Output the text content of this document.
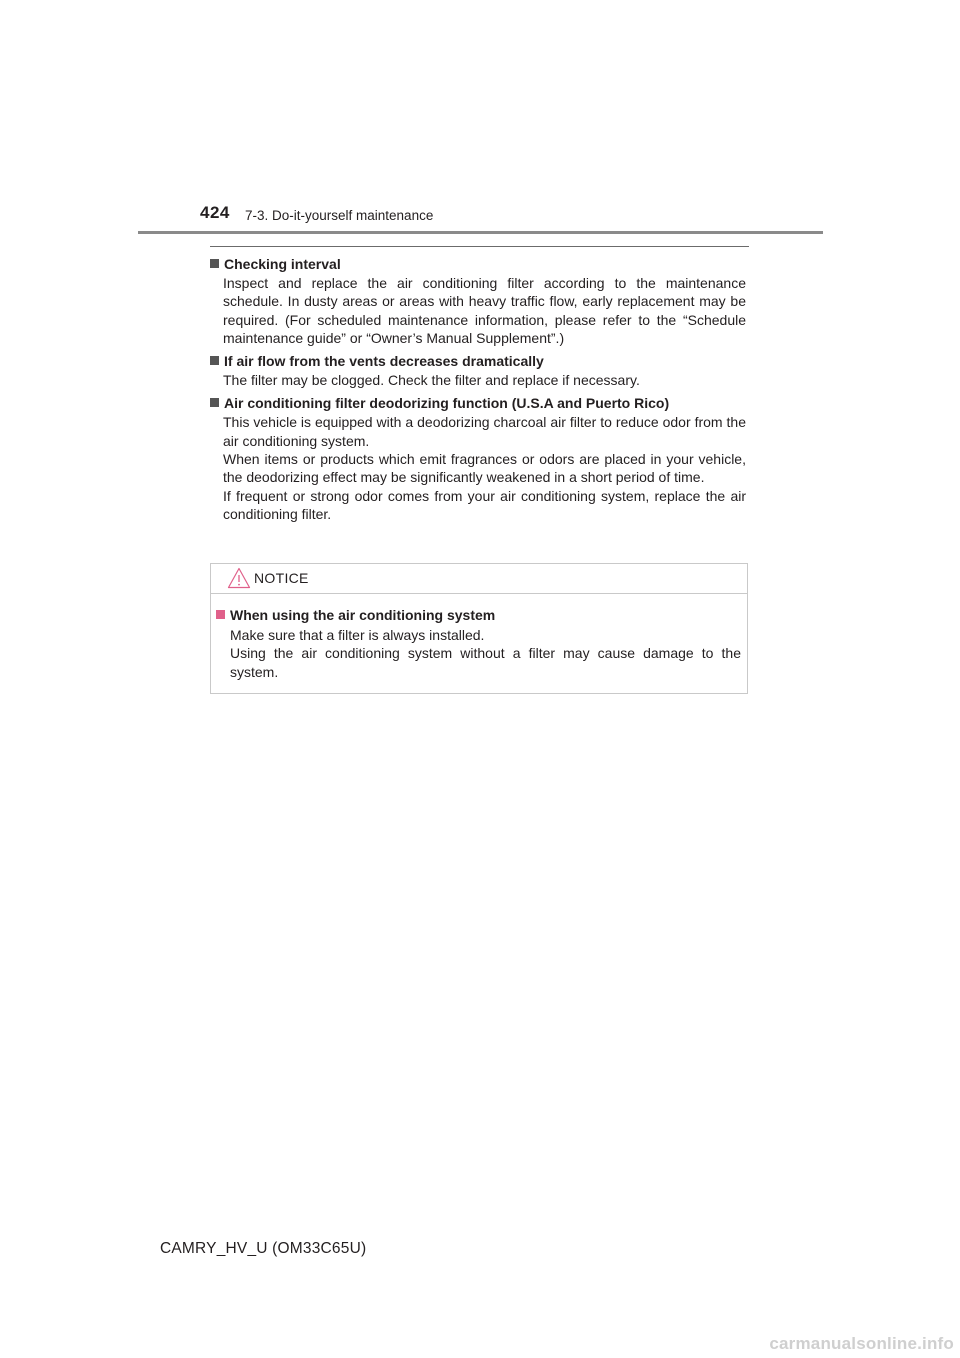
424 7-3. Do-it-yourself maintenance
Checking interval

Inspect and replace the air conditioning filter according to the maintenance schedule. In dusty areas or areas with heavy traffic flow, early replacement may be required. (For scheduled maintenance information, please refer to the “Schedule maintenance guide” or “Owner’s Manual Supplement”.)

If air flow from the vents decreases dramatically

The filter may be clogged. Check the filter and replace if necessary.

Air conditioning filter deodorizing function (U.S.A and Puerto Rico)

This vehicle is equipped with a deodorizing charcoal air filter to reduce odor from the air conditioning system.

When items or products which emit fragrances or odors are placed in your vehicle, the deodorizing effect may be significantly weakened in a short period of time.

If frequent or strong odor comes from your air conditioning system, replace the air conditioning filter.

NOTICE
When using the air conditioning system

Make sure that a filter is always installed.

Using the air conditioning system without a filter may cause damage to the system.

CAMRY_HV_U (OM33C65U)
carmanualsonline.info
